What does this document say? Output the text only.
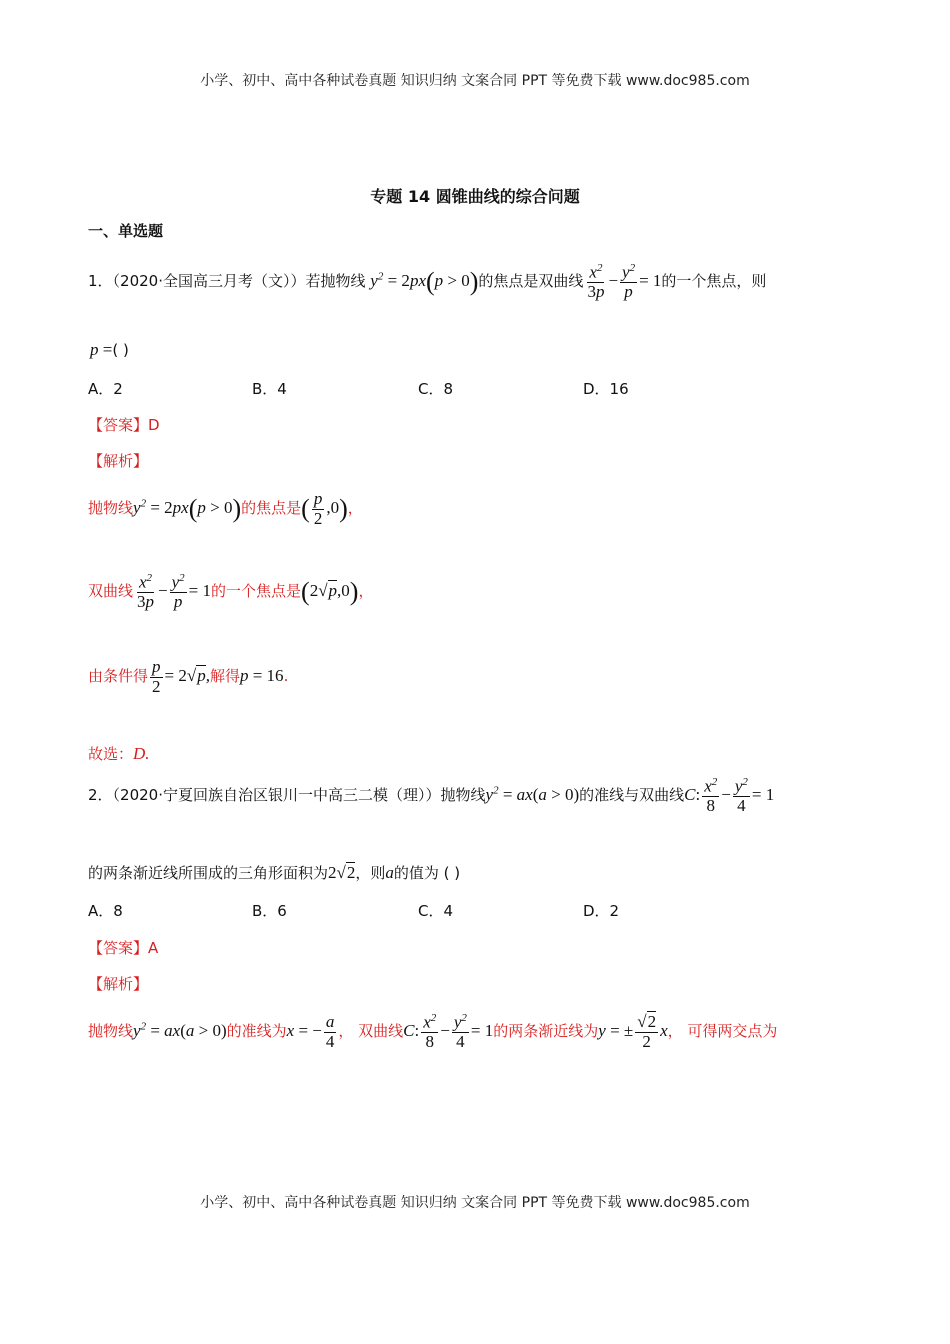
小学、初中、高中各种试卷真题 知识归纳 文案合同 PPT 等免费下载 www.doc985.com
专题 14 圆锥曲线的综合问题
一、单选题
1．（2020·全国高三月考（文））若抛物线 $y^2 = 2px(p > 0)$的焦点是双曲线 $\frac{x^2}{3p} - \frac{y^2}{p} = 1$的一个焦点，则
p =( )
A．2	B．4	C．8	D．16
【答案】D
【解析】
抛物线$y^2 = 2px(p > 0)$的焦点是( $\frac{p}{2} ,0$)，
双曲线 $\frac{x^2}{3p} - \frac{y^2}{p} = 1$的一个焦点是(2√p,0)，
由条件得 $\frac{p}{2} = 2√p$,解得p = 16.
故选：D.
2．（2020·宁夏回族自治区银川一中高三二模（理））抛物线$y^2 = ax(a > 0)$的准线与双曲线C: $\frac{x^2}{8} - \frac{y^2}{4} = 1$
的两条渐近线所围成的三角形面积为2√2，则a的值为 ( )
A．8	B．6	C．4	D．2
【答案】A
【解析】
抛物线$y^2 = ax(a > 0)$的准线为x = − $\frac{a}{4}$ ， 双曲线C: $\frac{x^2}{8} - \frac{y^2}{4} = 1$的两条渐近线为y = ± $\frac{√2}{2}$ x， 可得两交点为
小学、初中、高中各种试卷真题 知识归纳 文案合同 PPT 等免费下载 www.doc985.com
